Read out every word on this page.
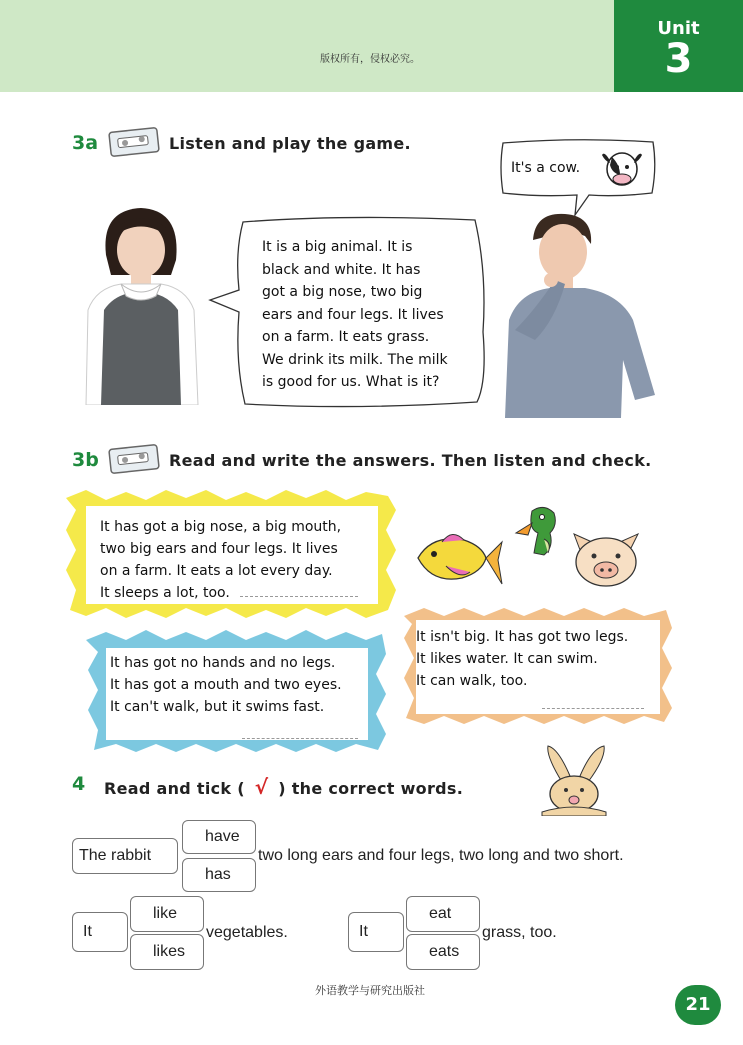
版权所有，侵权必究。
Unit
3
3a	Listen and play the game.
It is a big animal. It is
black and white. It has
got a big nose, two big
ears and four legs. It lives
on a farm. It eats grass.
We drink its milk. The milk
is good for us. What is it?
It's a cow.
3b	Read and write the answers. Then listen and check.
It has got a big nose, a big mouth,
two big ears and four legs. It lives
on a farm. It eats a lot every day.
It sleeps a lot, too.
It isn't big. It has got two legs.
It likes water. It can swim.
It can walk, too.
It has got no hands and no legs.
It has got a mouth and two eyes.
It can't walk, but it swims fast.
4 Read and tick ( √ ) the correct words.
The rabbit
have
has
two long ears and four legs, two long and two short.
It
like
likes
vegetables.	It
eat
eats
grass, too.
外语教学与研究出版社
21
